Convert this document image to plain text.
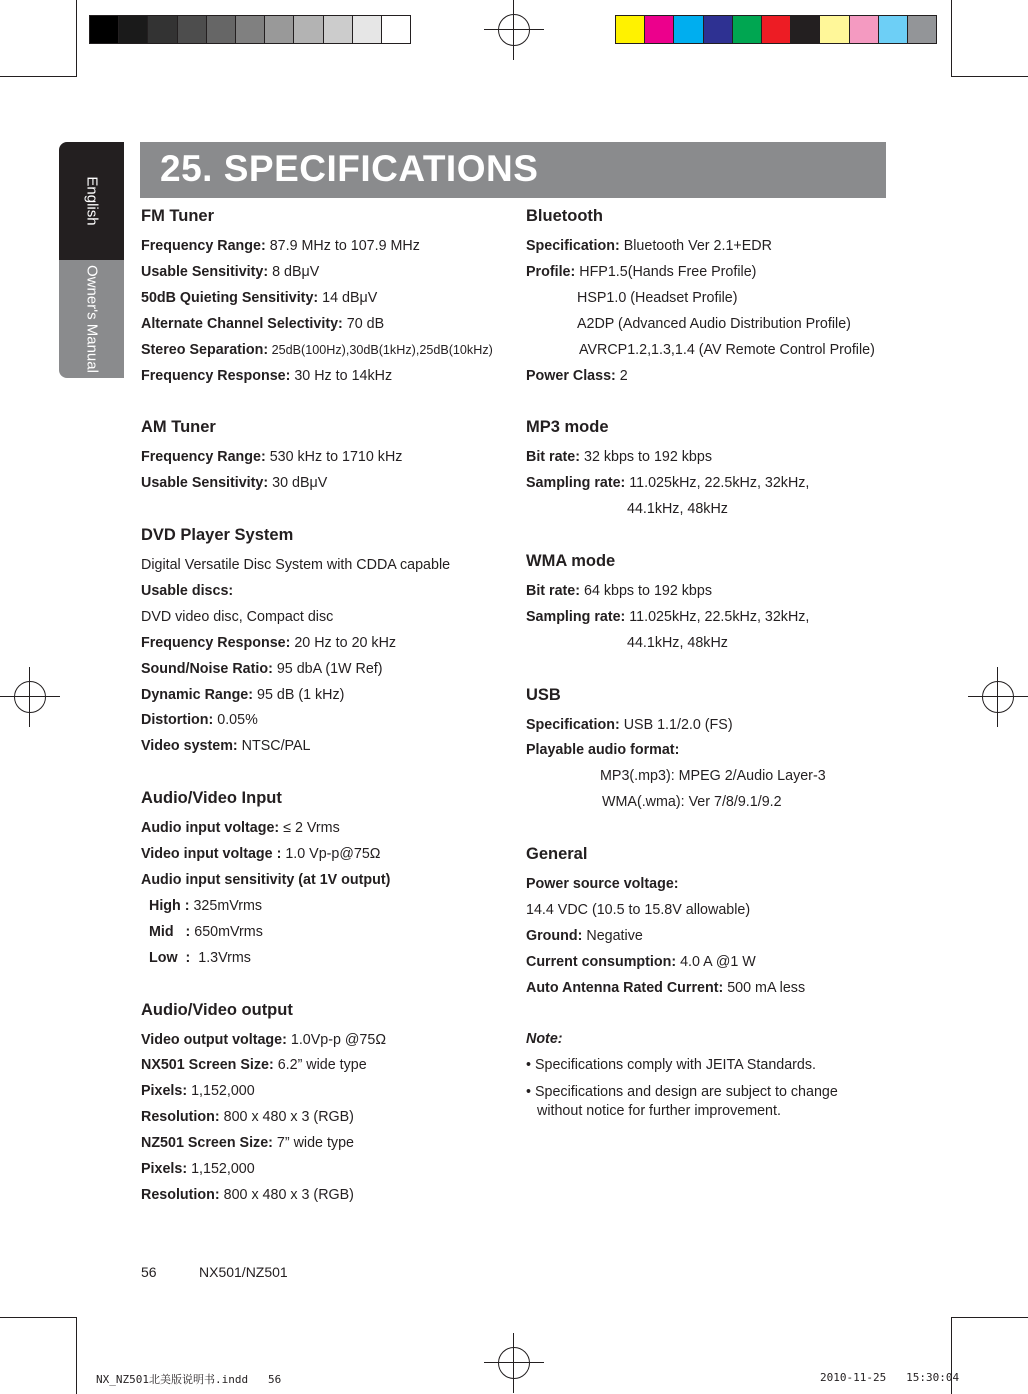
English
Owner's Manual
25. SPECIFICATIONS

FM Tuner

Frequency Range: 87.9 MHz to 107.9 MHz

Usable Sensitivity: 8 dBμV

50dB Quieting Sensitivity: 14 dBμV

Alternate Channel Selectivity: 70 dB

Stereo Separation: 25dB(100Hz),30dB(1kHz),25dB(10kHz)

Frequency Response: 30 Hz to 14kHz

AM Tuner

Frequency Range: 530 kHz to 1710 kHz

Usable Sensitivity: 30 dBμV

DVD Player System

Digital Versatile Disc System with CDDA capable

Usable discs:

DVD video disc, Compact disc

Frequency Response: 20 Hz to 20 kHz

Sound/Noise Ratio: 95 dbA (1W Ref)

Dynamic Range: 95 dB (1 kHz)

Distortion: 0.05%

Video system: NTSC/PAL

Audio/Video Input

Audio input voltage: ≤ 2 Vrms

Video input voltage : 1.0 Vp-p@75Ω

Audio input sensitivity (at 1V output)

High : 325mVrms

Mid   : 650mVrms

Low  :  1.3Vrms

Audio/Video output

Video output voltage: 1.0Vp-p @75Ω

NX501 Screen Size: 6.2” wide type

Pixels: 1,152,000

Resolution: 800 x 480 x 3 (RGB)

NZ501 Screen Size: 7” wide type

Pixels: 1,152,000

Resolution: 800 x 480 x 3 (RGB)

Bluetooth

Specification: Bluetooth Ver 2.1+EDR

Profile: HFP1.5(Hands Free Profile)

HSP1.0 (Headset Profile)

A2DP (Advanced Audio Distribution Profile)

AVRCP1.2,1.3,1.4 (AV Remote Control Profile)

Power Class: 2

MP3 mode

Bit rate: 32 kbps to 192 kbps

Sampling rate: 11.025kHz, 22.5kHz, 32kHz,

44.1kHz, 48kHz

WMA mode

Bit rate: 64 kbps to 192 kbps

Sampling rate: 11.025kHz, 22.5kHz, 32kHz,

44.1kHz, 48kHz

USB

Specification: USB 1.1/2.0 (FS)

Playable audio format:

MP3(.mp3): MPEG 2/Audio Layer-3

WMA(.wma): Ver 7/8/9.1/9.2

General

Power source voltage:

14.4 VDC (10.5 to 15.8V allowable)

Ground: Negative

Current consumption: 4.0 A @1 W

Auto Antenna Rated Current: 500 mA less

Note:

• Specifications comply with JEITA Standards.

• Specifications and design are subject to change

without notice for further improvement.

56	NX501/NZ501
NX_NZ501北美版说明书.indd   56	2010-11-25   15:30:04
